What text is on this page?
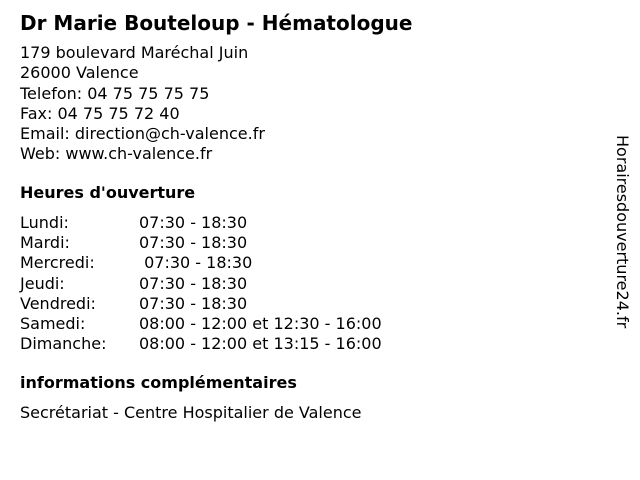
Dr Marie Bouteloup - Hématologue
179 boulevard Maréchal Juin
26000 Valence
Telefon: 04 75 75 75 75
Fax: 04 75 75 72 40
Email: direction@ch-valence.fr
Web: www.ch-valence.fr
Heures d'ouverture
Lundi:	07:30 - 18:30
Mardi:	07:30 - 18:30
Mercredi:	07:30 - 18:30
Jeudi:	07:30 - 18:30
Vendredi:	07:30 - 18:30
Samedi:	08:00 - 12:00 et 12:30 - 16:00
Dimanche:	08:00 - 12:00 et 13:15 - 16:00
informations complémentaires
Secrétariat - Centre Hospitalier de Valence
Horairesdouverture24.fr
